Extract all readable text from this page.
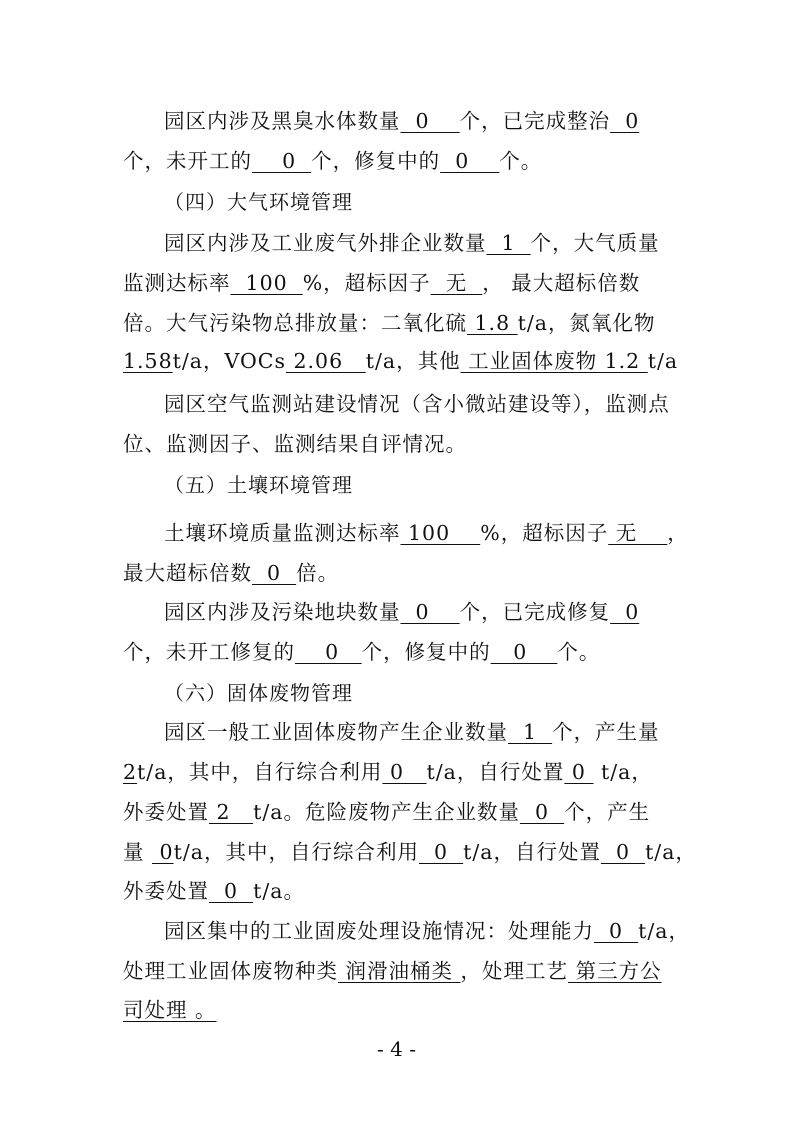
园区内涉及黑臭水体数量  0    个，已完成整治  0
个，未开工的    0  个，修复中的  0    个。
（四）大气环境管理
园区内涉及工业废气外排企业数量  1  个，大气质量
监测达标率  100  %，超标因子  无  ， 最大超标倍数
倍。大气污染物总排放量：二氧化硫 1.8 t/a，氮氧化物
1.58t/a，VOCs 2.06   t/a，其他 工业固体废物 1.2 t/a
园区空气监测站建设情况（含小微站建设等），监测点
位、监测因子、监测结果自评情况。
（五）土壤环境管理
土壤环境质量监测达标率 100    %，超标因子 无    ，
最大超标倍数  0  倍。
园区内涉及污染地块数量  0    个，已完成修复  0
个，未开工修复的    0   个，修复中的   0    个。
（六）固体废物管理
园区一般工业固体废物产生企业数量  1  个，产生量
2t/a，其中，自行综合利用 0   t/a，自行处置 0  t/a，
外委处置 2   t/a。危险废物产生企业数量  0  个，产生
量  0t/a，其中，自行综合利用  0  t/a，自行处置  0  t/a，
外委处置  0  t/a。
园区集中的工业固废处理设施情况：处理能力  0  t/a，
处理工业固体废物种类 润滑油桶类 ，处理工艺 第三方公
司处理 。
- 4 -
